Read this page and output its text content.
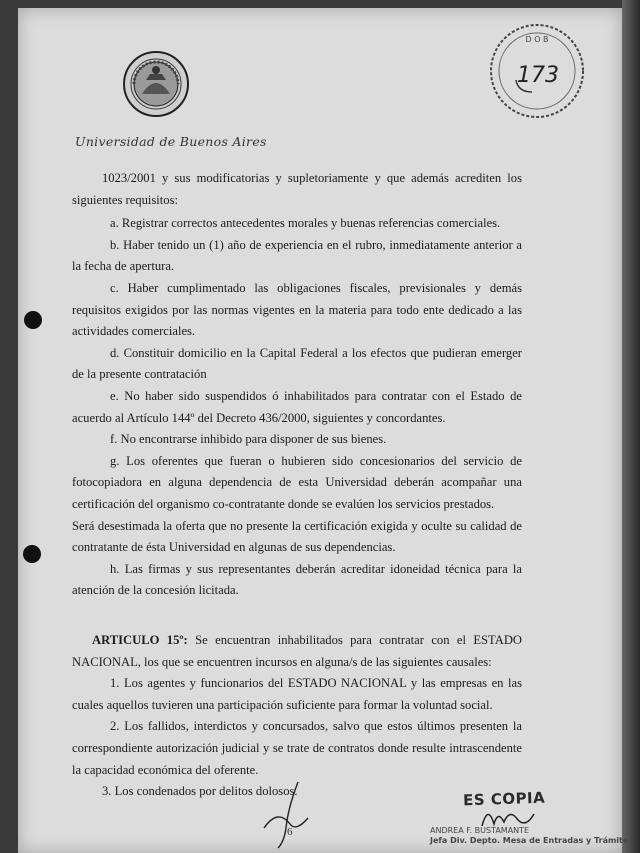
Universidad de Buenos Aires
D O B
173

1023/2001 y sus modificatorias y supletoriamente y que además acrediten los siguientes requisitos:

a. Registrar correctos antecedentes morales y buenas referencias comerciales.

b. Haber tenido un (1) año de experiencia en el rubro, inmediatamente anterior a la fecha de apertura.

c. Haber cumplimentado las obligaciones fiscales, previsionales y demás requisitos exigidos por las normas vigentes en la materia para todo ente dedicado a las actividades comerciales.

d. Constituir domicilio en la Capital Federal a los efectos que pudieran emerger de la presente contratación

e. No haber sido suspendidos ó inhabilitados para contratar con el Estado de acuerdo al Artículo 144º del Decreto 436/2000, siguientes y concordantes.

f. No encontrarse inhibido para disponer de sus bienes.

g. Los oferentes que fueran o hubieren sido concesionarios del servicio de fotocopiadora en alguna dependencia de esta Universidad deberán acompañar una certificación del organismo co-contratante donde se evalúen los servicios prestados.

Será desestimada la oferta que no presente la certificación exigida y oculte su calidad de contratante de ésta Universidad en algunas de sus dependencias.

h. Las firmas y sus representantes deberán acreditar idoneidad técnica para la atención de la concesión licitada.

ARTICULO 15º: Se encuentran inhabilitados para contratar con el ESTADO NACIONAL, los que se encuentren incursos en alguna/s de las siguientes causales:

1. Los agentes y funcionarios del ESTADO NACIONAL y las empresas en las cuales aquellos tuvieren una participación suficiente para formar la voluntad social.

2. Los fallidos, interdictos y concursados, salvo que estos últimos presenten la correspondiente autorización judicial y se trate de contratos donde resulte intrascendente la capacidad económica del oferente.

3. Los condenados por delitos dolosos.

6
ES COPIA
ANDREA F. BUSTAMANTE
Jefa Div. Depto. Mesa de Entradas y Trámite
